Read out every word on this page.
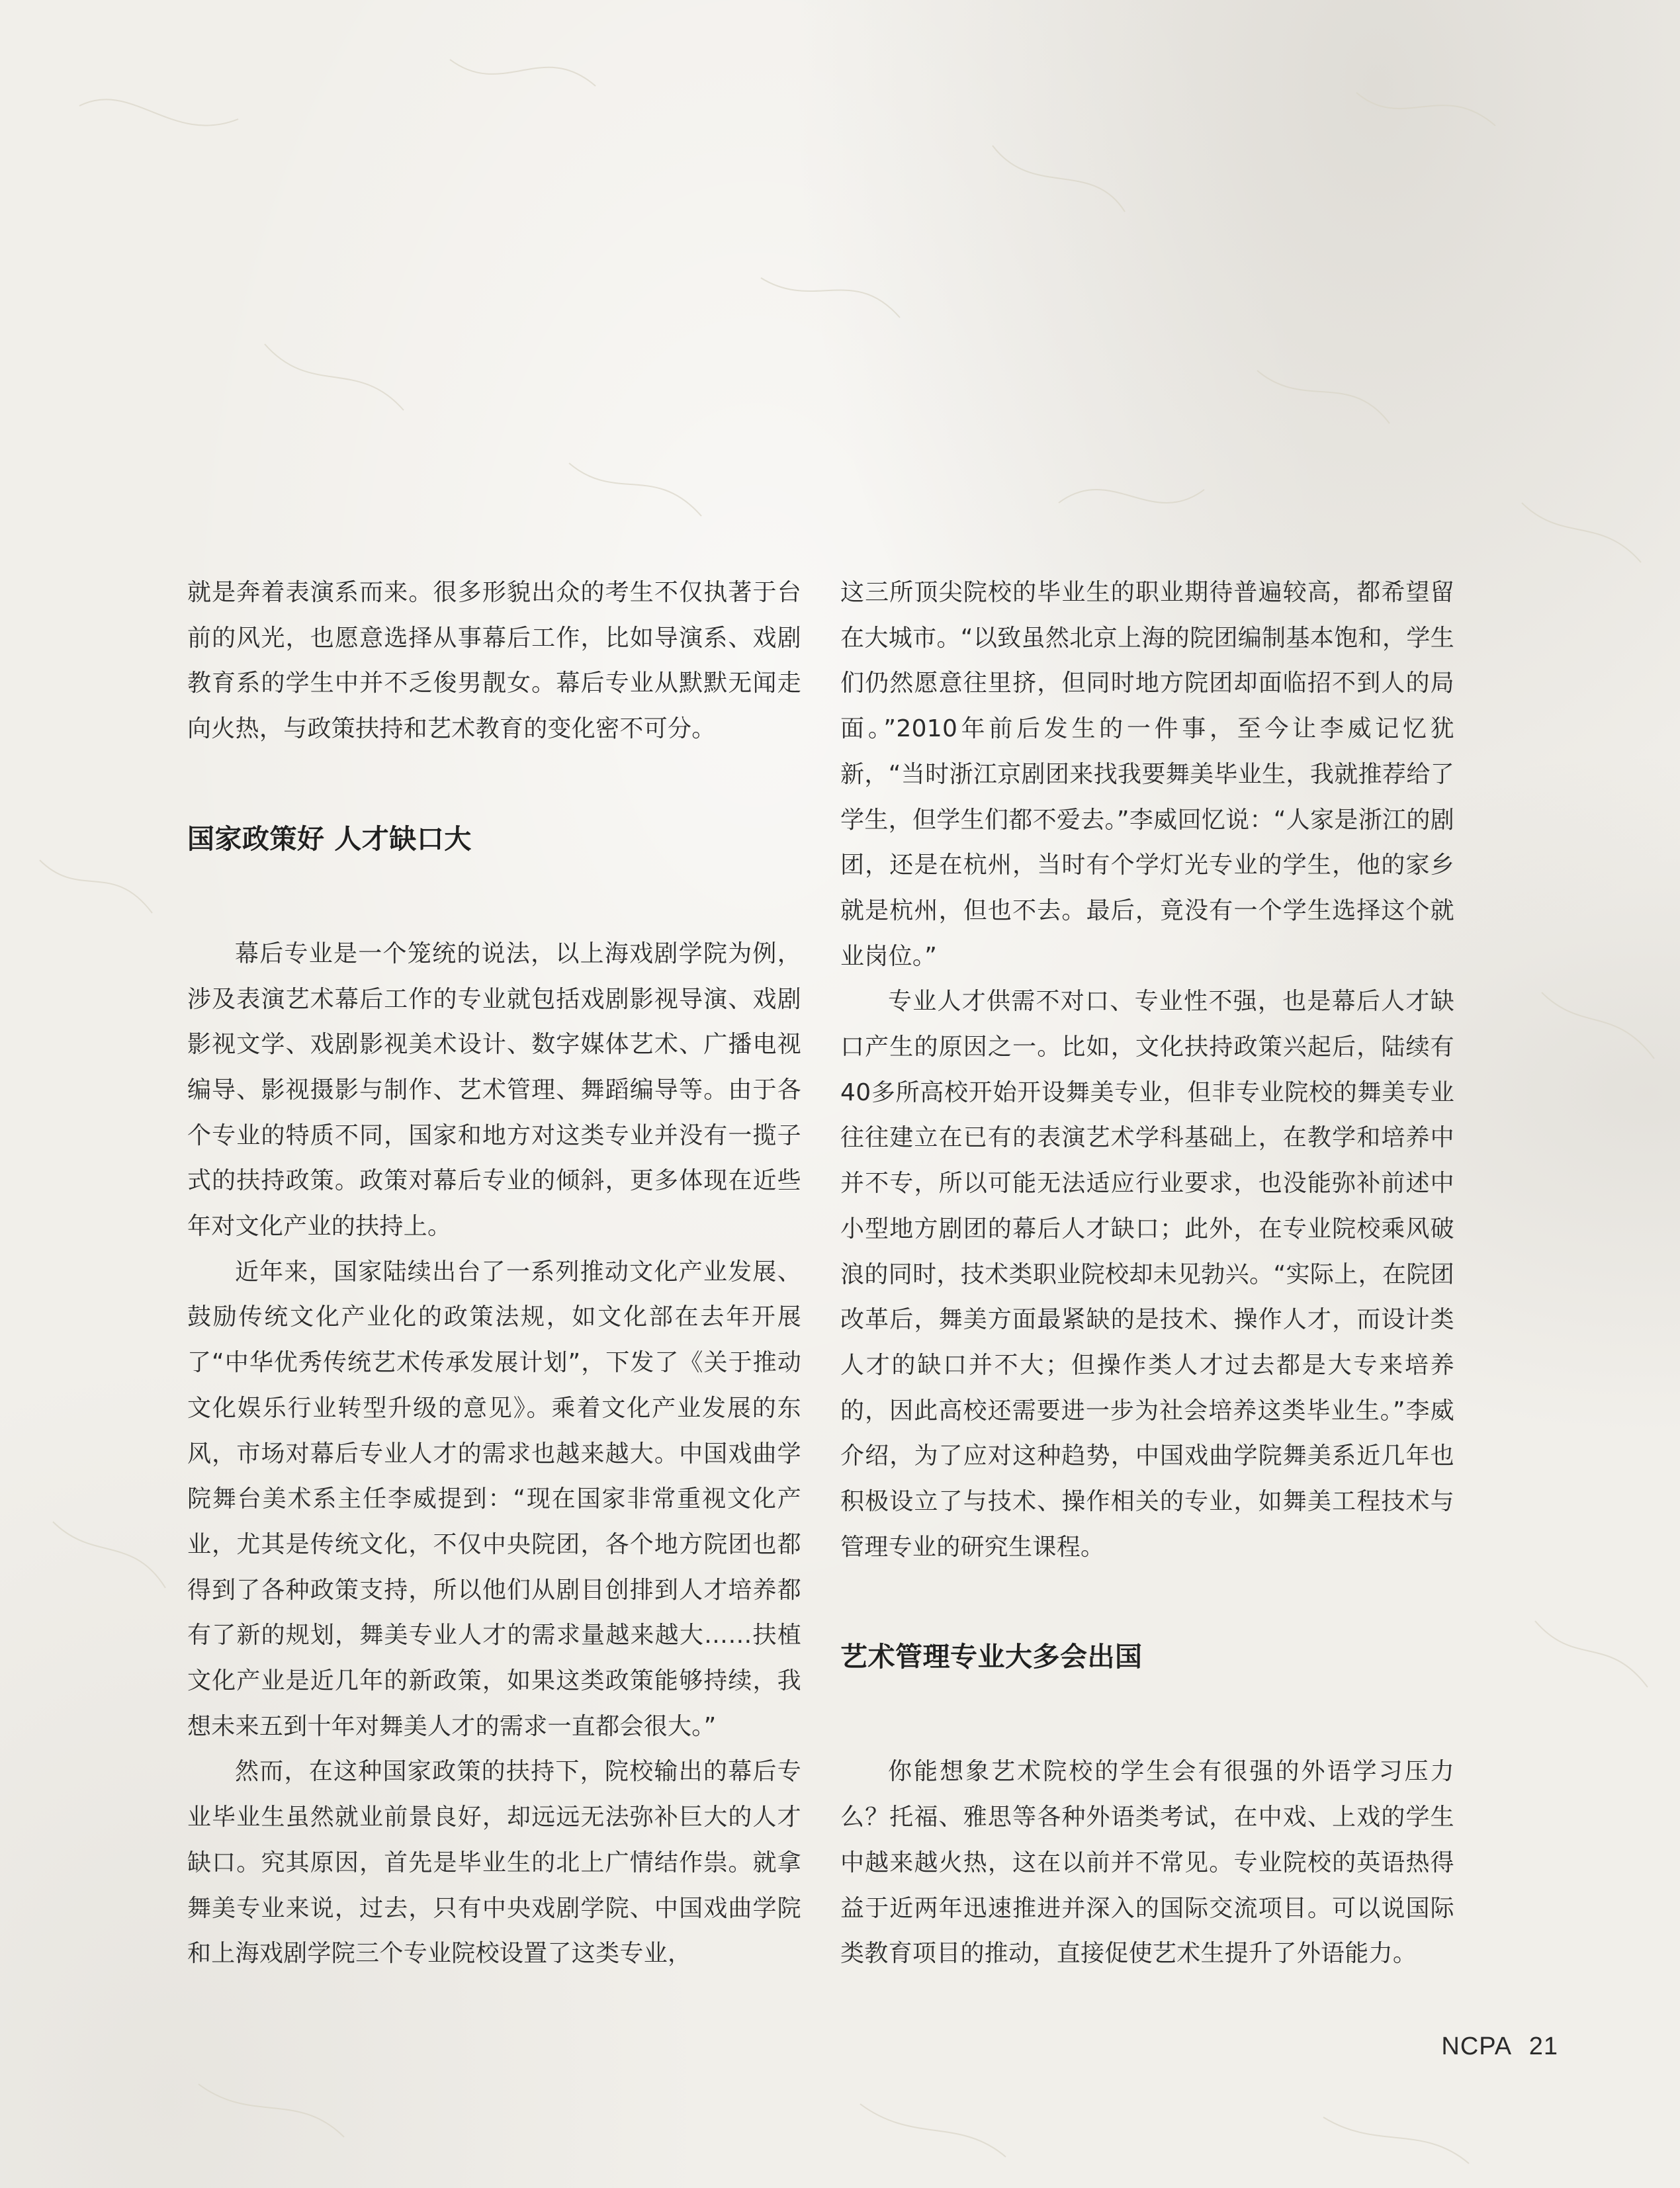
就是奔着表演系而来。很多形貌出众的考生不仅执著于台前的风光，也愿意选择从事幕后工作，比如导演系、戏剧教育系的学生中并不乏俊男靓女。幕后专业从默默无闻走向火热，与政策扶持和艺术教育的变化密不可分。

国家政策好 人才缺口大

幕后专业是一个笼统的说法，以上海戏剧学院为例，涉及表演艺术幕后工作的专业就包括戏剧影视导演、戏剧影视文学、戏剧影视美术设计、数字媒体艺术、广播电视编导、影视摄影与制作、艺术管理、舞蹈编导等。由于各个专业的特质不同，国家和地方对这类专业并没有一揽子式的扶持政策。政策对幕后专业的倾斜，更多体现在近些年对文化产业的扶持上。

近年来，国家陆续出台了一系列推动文化产业发展、鼓励传统文化产业化的政策法规，如文化部在去年开展了“中华优秀传统艺术传承发展计划”，下发了《关于推动文化娱乐行业转型升级的意见》。乘着文化产业发展的东风，市场对幕后专业人才的需求也越来越大。中国戏曲学院舞台美术系主任李威提到：“现在国家非常重视文化产业，尤其是传统文化，不仅中央院团，各个地方院团也都得到了各种政策支持，所以他们从剧目创排到人才培养都有了新的规划，舞美专业人才的需求量越来越大……扶植文化产业是近几年的新政策，如果这类政策能够持续，我想未来五到十年对舞美人才的需求一直都会很大。”

然而，在这种国家政策的扶持下，院校输出的幕后专业毕业生虽然就业前景良好，却远远无法弥补巨大的人才缺口。究其原因，首先是毕业生的北上广情结作祟。就拿舞美专业来说，过去，只有中央戏剧学院、中国戏曲学院和上海戏剧学院三个专业院校设置了这类专业，

这三所顶尖院校的毕业生的职业期待普遍较高，都希望留在大城市。“以致虽然北京上海的院团编制基本饱和，学生们仍然愿意往里挤，但同时地方院团却面临招不到人的局面。”2010年前后发生的一件事，至今让李威记忆犹新，“当时浙江京剧团来找我要舞美毕业生，我就推荐给了学生，但学生们都不爱去。”李威回忆说：“人家是浙江的剧团，还是在杭州，当时有个学灯光专业的学生，他的家乡就是杭州，但也不去。最后，竟没有一个学生选择这个就业岗位。”

专业人才供需不对口、专业性不强，也是幕后人才缺口产生的原因之一。比如，文化扶持政策兴起后，陆续有40多所高校开始开设舞美专业，但非专业院校的舞美专业往往建立在已有的表演艺术学科基础上，在教学和培养中并不专，所以可能无法适应行业要求，也没能弥补前述中小型地方剧团的幕后人才缺口；此外，在专业院校乘风破浪的同时，技术类职业院校却未见勃兴。“实际上，在院团改革后，舞美方面最紧缺的是技术、操作人才，而设计类人才的缺口并不大；但操作类人才过去都是大专来培养的，因此高校还需要进一步为社会培养这类毕业生。”李威介绍，为了应对这种趋势，中国戏曲学院舞美系近几年也积极设立了与技术、操作相关的专业，如舞美工程技术与管理专业的研究生课程。

艺术管理专业大多会出国

你能想象艺术院校的学生会有很强的外语学习压力么？托福、雅思等各种外语类考试，在中戏、上戏的学生中越来越火热，这在以前并不常见。专业院校的英语热得益于近两年迅速推进并深入的国际交流项目。可以说国际类教育项目的推动，直接促使艺术生提升了外语能力。

NCPA 21
